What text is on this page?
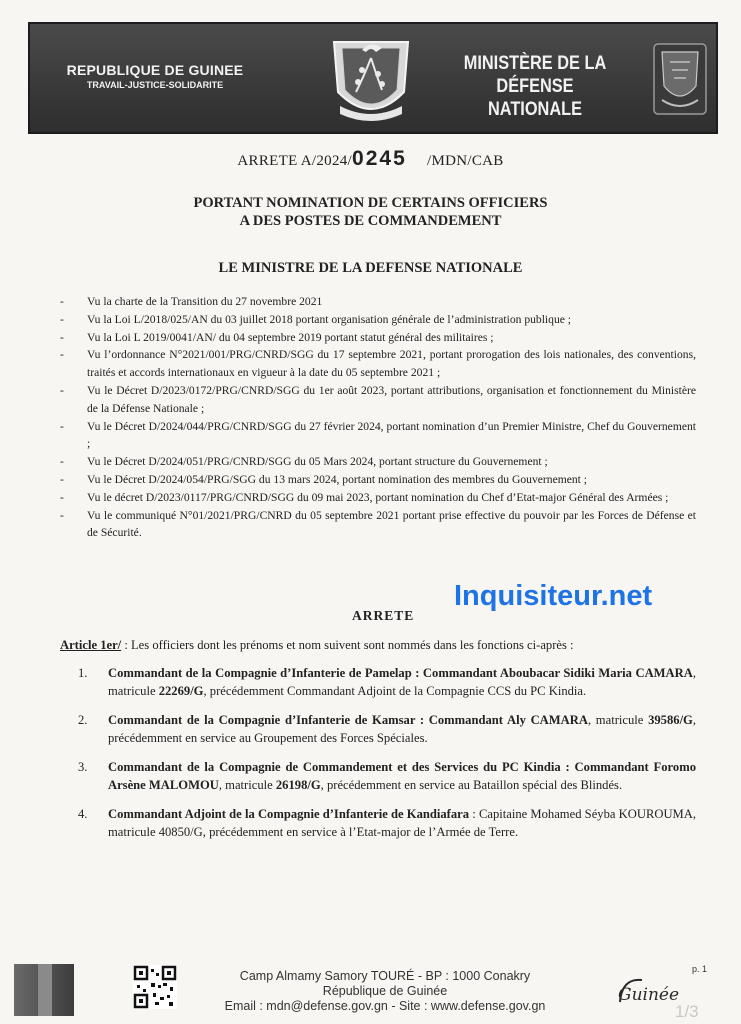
REPUBLIQUE DE GUINEE
TRAVAIL-JUSTICE-SOLIDARITE
MINISTÈRE DE LA DÉFENSE
NATIONALE
ARRETE A/2024/0245 /MDN/CAB
PORTANT NOMINATION DE CERTAINS OFFICIERS
A DES POSTES DE COMMANDEMENT
LE MINISTRE DE LA DEFENSE NATIONALE
- Vu la charte de la Transition du 27 novembre 2021
- Vu la Loi L/2018/025/AN du 03 juillet 2018 portant organisation générale de l’administration publique ;
- Vu la Loi L 2019/0041/AN/ du 04 septembre 2019 portant statut général des militaires ;
- Vu l’ordonnance N°2021/001/PRG/CNRD/SGG du 17 septembre 2021, portant prorogation des lois nationales, des conventions, traités et accords internationaux en vigueur à la date du 05 septembre 2021 ;
- Vu le Décret D/2023/0172/PRG/CNRD/SGG du 1er août 2023, portant attributions, organisation et fonctionnement du Ministère de la Défense Nationale ;
- Vu le Décret D/2024/044/PRG/CNRD/SGG du 27 février 2024, portant nomination d’un Premier Ministre, Chef du Gouvernement ;
- Vu le Décret D/2024/051/PRG/CNRD/SGG du 05 Mars 2024, portant structure du Gouvernement ;
- Vu le Décret D/2024/054/PRG/SGG du 13 mars 2024, portant nomination des membres du Gouvernement ;
- Vu le décret D/2023/0117/PRG/CNRD/SGG du 09 mai 2023, portant nomination du Chef d’Etat-major Général des Armées ;
- Vu le communiqué N°01/2021/PRG/CNRD du 05 septembre 2021 portant prise effective du pouvoir par les Forces de Défense et de Sécurité.
ARRETE
Inquisiteur.net
Article 1er/ : Les officiers dont les prénoms et nom suivent sont nommés dans les fonctions ci-après :
1. Commandant de la Compagnie d’Infanterie de Pamelap : Commandant Aboubacar Sidiki Maria CAMARA, matricule 22269/G, précédemment Commandant Adjoint de la Compagnie CCS du PC Kindia.
2. Commandant de la Compagnie d’Infanterie de Kamsar : Commandant Aly CAMARA, matricule 39586/G, précédemment en service au Groupement des Forces Spéciales.
3. Commandant de la Compagnie de Commandement et des Services du PC Kindia : Commandant Foromo Arsène MALOMOU, matricule 26198/G, précédemment en service au Bataillon spécial des Blindés.
4. Commandant Adjoint de la Compagnie d’Infanterie de Kandiafara : Capitaine Mohamed Séyba KOUROUMA, matricule 40850/G, précédemment en service à l’Etat-major de l’Armée de Terre.
Camp Almamy Samory TOURÉ - BP : 1000 Conakry
République de Guinée
Email : mdn@defense.gov.gn - Site : www.defense.gov.gn
p. 1
Guinée
1/3
